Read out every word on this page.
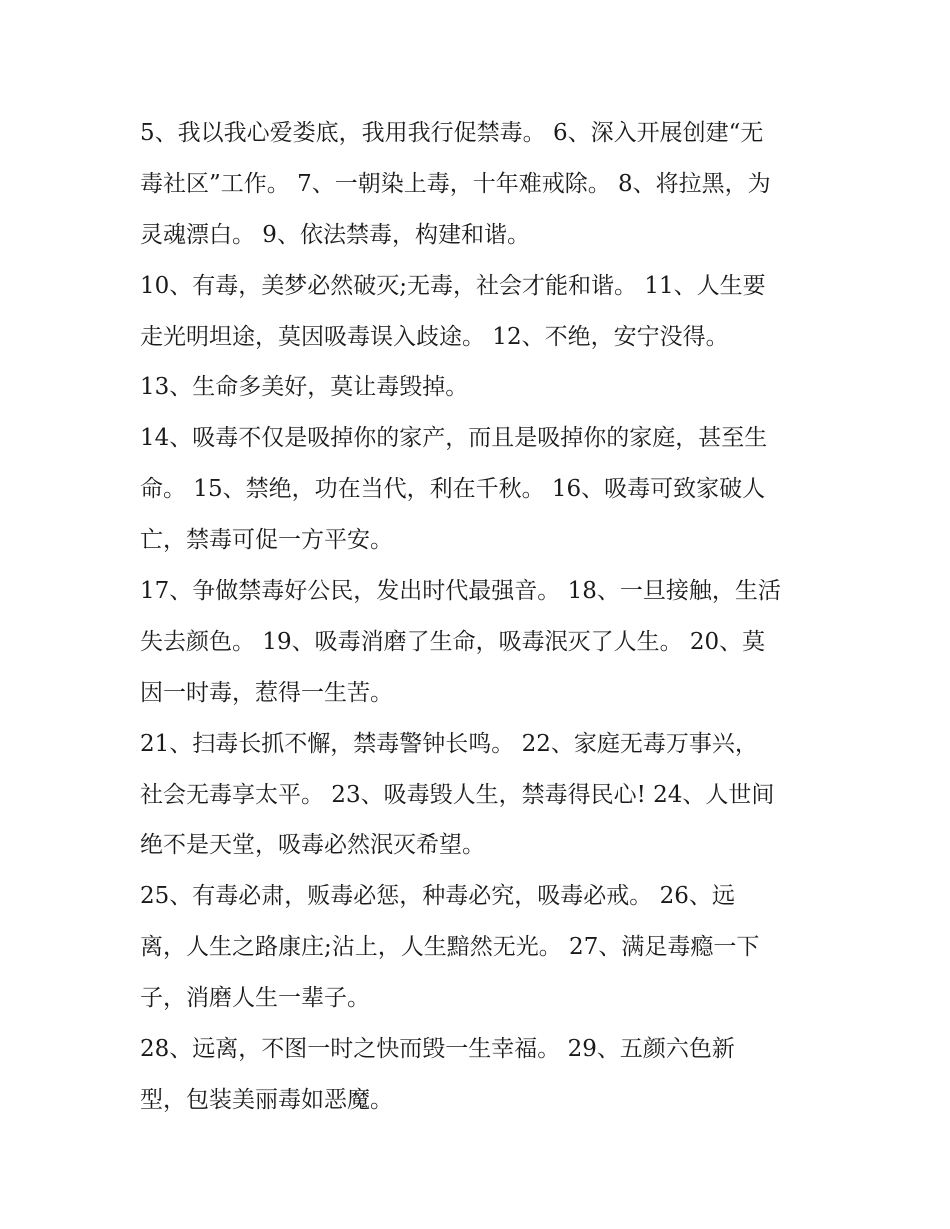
5、我以我心爱娄底，我用我行促禁毒。 6、深入开展创建“无
毒社区”工作。 7、一朝染上毒，十年难戒除。 8、将拉黑，为
灵魂漂白。 9、依法禁毒，构建和谐。
10、有毒，美梦必然破灭;无毒，社会才能和谐。 11、人生要
走光明坦途，莫因吸毒误入歧途。 12、不绝，安宁没得。
13、生命多美好，莫让毒毁掉。
14、吸毒不仅是吸掉你的家产，而且是吸掉你的家庭，甚至生
命。 15、禁绝，功在当代，利在千秋。 16、吸毒可致家破人
亡，禁毒可促一方平安。
17、争做禁毒好公民，发出时代最强音。 18、一旦接触，生活
失去颜色。 19、吸毒消磨了生命，吸毒泯灭了人生。 20、莫
因一时毒，惹得一生苦。
21、扫毒长抓不懈，禁毒警钟长鸣。 22、家庭无毒万事兴，
社会无毒享太平。 23、吸毒毁人生，禁毒得民心! 24、人世间
绝不是天堂，吸毒必然泯灭希望。
25、有毒必肃，贩毒必惩，种毒必究，吸毒必戒。 26、远
离，人生之路康庄;沾上，人生黯然无光。 27、满足毒瘾一下
子，消磨人生一辈子。
28、远离，不图一时之快而毁一生幸福。 29、五颜六色新
型，包装美丽毒如恶魔。
